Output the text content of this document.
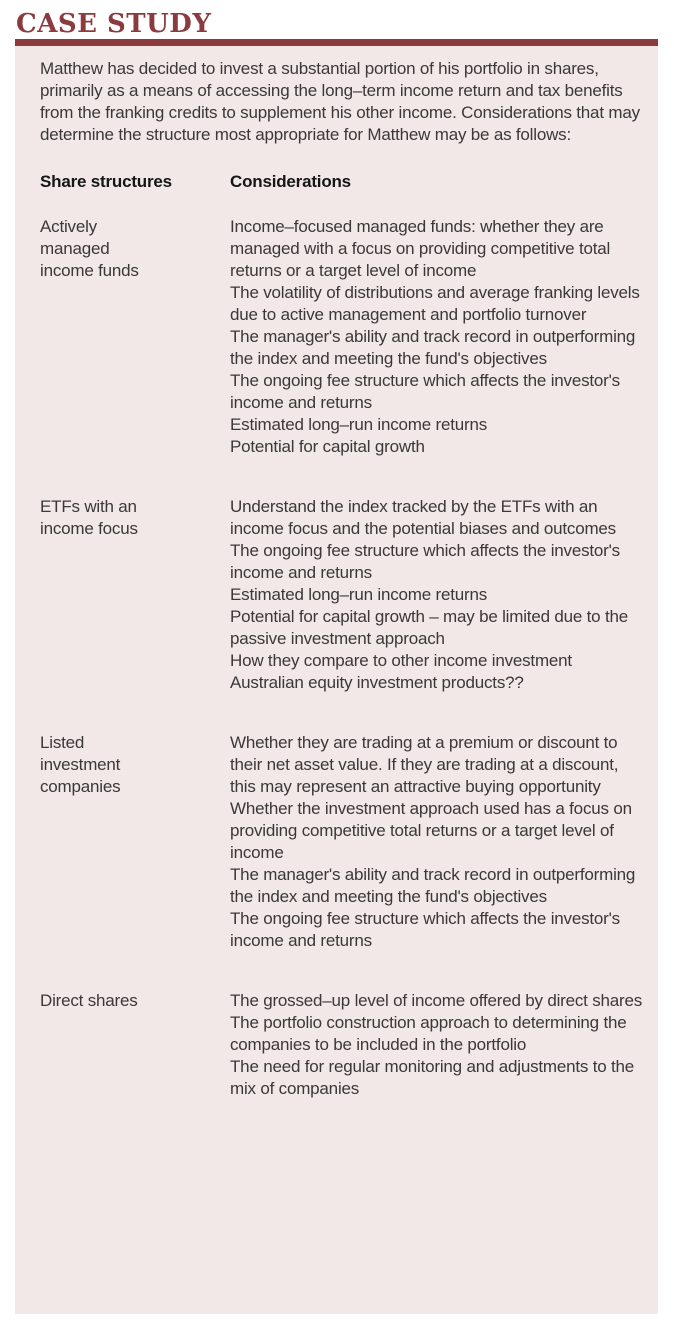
CASE STUDY

Matthew has decided to invest a substantial portion of his portfolio in shares, primarily as a means of accessing the long–term income return and tax benefits from the franking credits to supplement his other income. Considerations that may determine the structure most appropriate for Matthew may be as follows:

Share structures	Considerations
Actively managed income funds

Income–focused managed funds: whether they are managed with a focus on providing competitive total returns or a target level of income

The volatility of distributions and average franking levels due to active management and portfolio turnover

The manager's ability and track record in outperforming the index and meeting the fund's objectives

The ongoing fee structure which affects the investor's income and returns

Estimated long–run income returns

Potential for capital growth

ETFs with an income focus

Understand the index tracked by the ETFs with an income focus and the potential biases and outcomes

The ongoing fee structure which affects the investor's income and returns

Estimated long–run income returns

Potential for capital growth – may be limited due to the passive investment approach

How they compare to other income investment Australian equity investment products??

Listed investment companies

Whether they are trading at a premium or discount to their net asset value. If they are trading at a discount, this may represent an attractive buying opportunity

Whether the investment approach used has a focus on providing competitive total returns or a target level of income

The manager's ability and track record in outperforming the index and meeting the fund's objectives

The ongoing fee structure which affects the investor's income and returns

Direct shares	The grossed–up level of income offered by direct shares

The portfolio construction approach to determining the companies to be included in the portfolio

The need for regular monitoring and adjustments to the mix of companies
